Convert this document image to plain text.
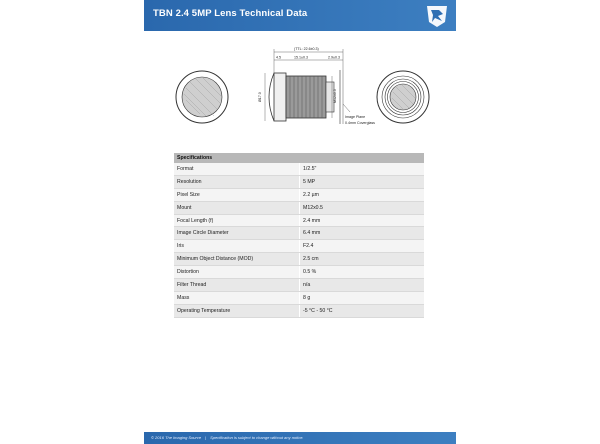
TBN 2.4 5MP Lens Technical Data
(TTL: 22.6±0.3)
4.5	15.1±0.3	2.9±0.3
Ø17.0	M12x0.5
Image Plane
0.4mm Coverglass
Specifications	
Format	1/2.5"
Resolution	5 MP
Pixel Size	2.2 µm
Mount	M12x0.5
Focal Length (f)	2.4 mm
Image Circle Diameter	6.4 mm
Iris	F2.4
Minimum Object Distance (MOD)	2.5 cm
Distortion	0.5 %
Filter Thread	n/a
Mass	8 g
Operating Temperature	-5 °C - 50 °C
© 2016 The Imaging Source | Specification is subject to change without any notice.
